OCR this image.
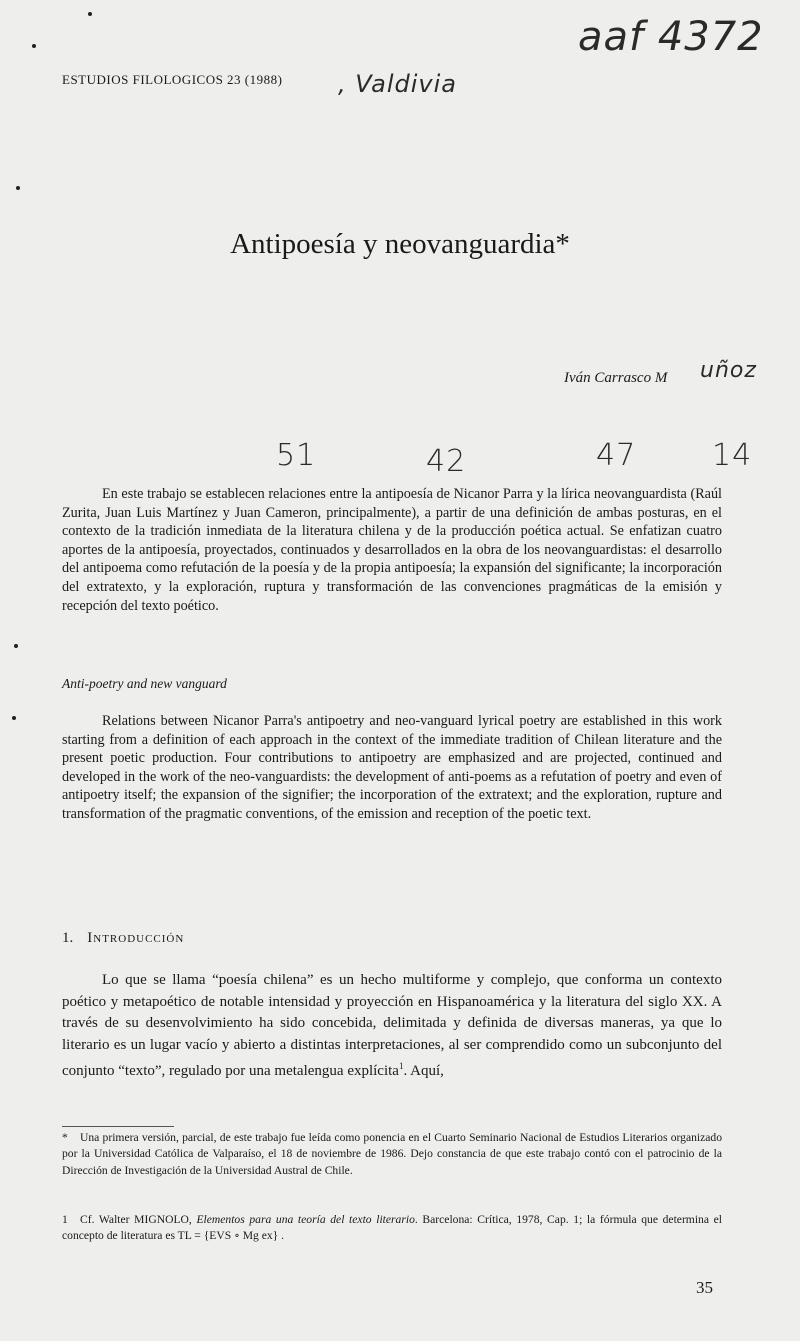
ESTUDIOS FILOLOGICOS 23 (1988) , Valdivia
aaf 4372
Antipoesía y neovanguardia*
Iván Carrasco M uñoz
51	42	47	14

En este trabajo se establecen relaciones entre la antipoesía de Nicanor Parra y la lírica neovanguardista (Raúl Zurita, Juan Luis Martínez y Juan Cameron, principalmente), a partir de una definición de ambas posturas, en el contexto de la tradición inmediata de la literatura chilena y de la producción poética actual. Se enfatizan cuatro aportes de la antipoesía, proyectados, continuados y desarrollados en la obra de los neovanguardistas: el desarrollo del antipoema como refutación de la poesía y de la propia antipoesía; la expansión del significante; la incorporación del extratexto, y la exploración, ruptura y transformación de las convenciones pragmáticas de la emisión y recepción del texto poético.

Anti-poetry and new vanguard

Relations between Nicanor Parra's antipoetry and neo-vanguard lyrical poetry are established in this work starting from a definition of each approach in the context of the immediate tradition of Chilean literature and the present poetic production. Four contributions to antipoetry are emphasized and are projected, continued and developed in the work of the neo-vanguardists: the development of anti-poems as a refutation of poetry and even of antipoetry itself; the expansion of the signifier; the incorporation of the extratext; and the exploration, rupture and transformation of the pragmatic conventions, of the emission and reception of the poetic text.

1. Introducción

Lo que se llama “poesía chilena” es un hecho multiforme y complejo, que conforma un contexto poético y metapoético de notable intensidad y proyección en Hispanoamérica y la literatura del siglo XX. A través de su desenvolvimiento ha sido concebida, delimitada y definida de diversas maneras, ya que lo literario es un lugar vacío y abierto a distintas interpretaciones, al ser comprendido como un subconjunto del conjunto “texto”, regulado por una metalengua explícita$^1$. Aquí,

* Una primera versión, parcial, de este trabajo fue leída como ponencia en el Cuarto Seminario Nacional de Estudios Literarios organizado por la Universidad Católica de Valparaíso, el 18 de noviembre de 1986. Dejo constancia de que este trabajo contó con el patrocinio de la Dirección de Investigación de la Universidad Austral de Chile.

1 Cf. Walter MIGNOLO, Elementos para una teoría del texto literario. Barcelona: Crítica, 1978, Cap. 1; la fórmula que determina el concepto de literatura es TL = {EVS ∘ Mg ex} .

35
